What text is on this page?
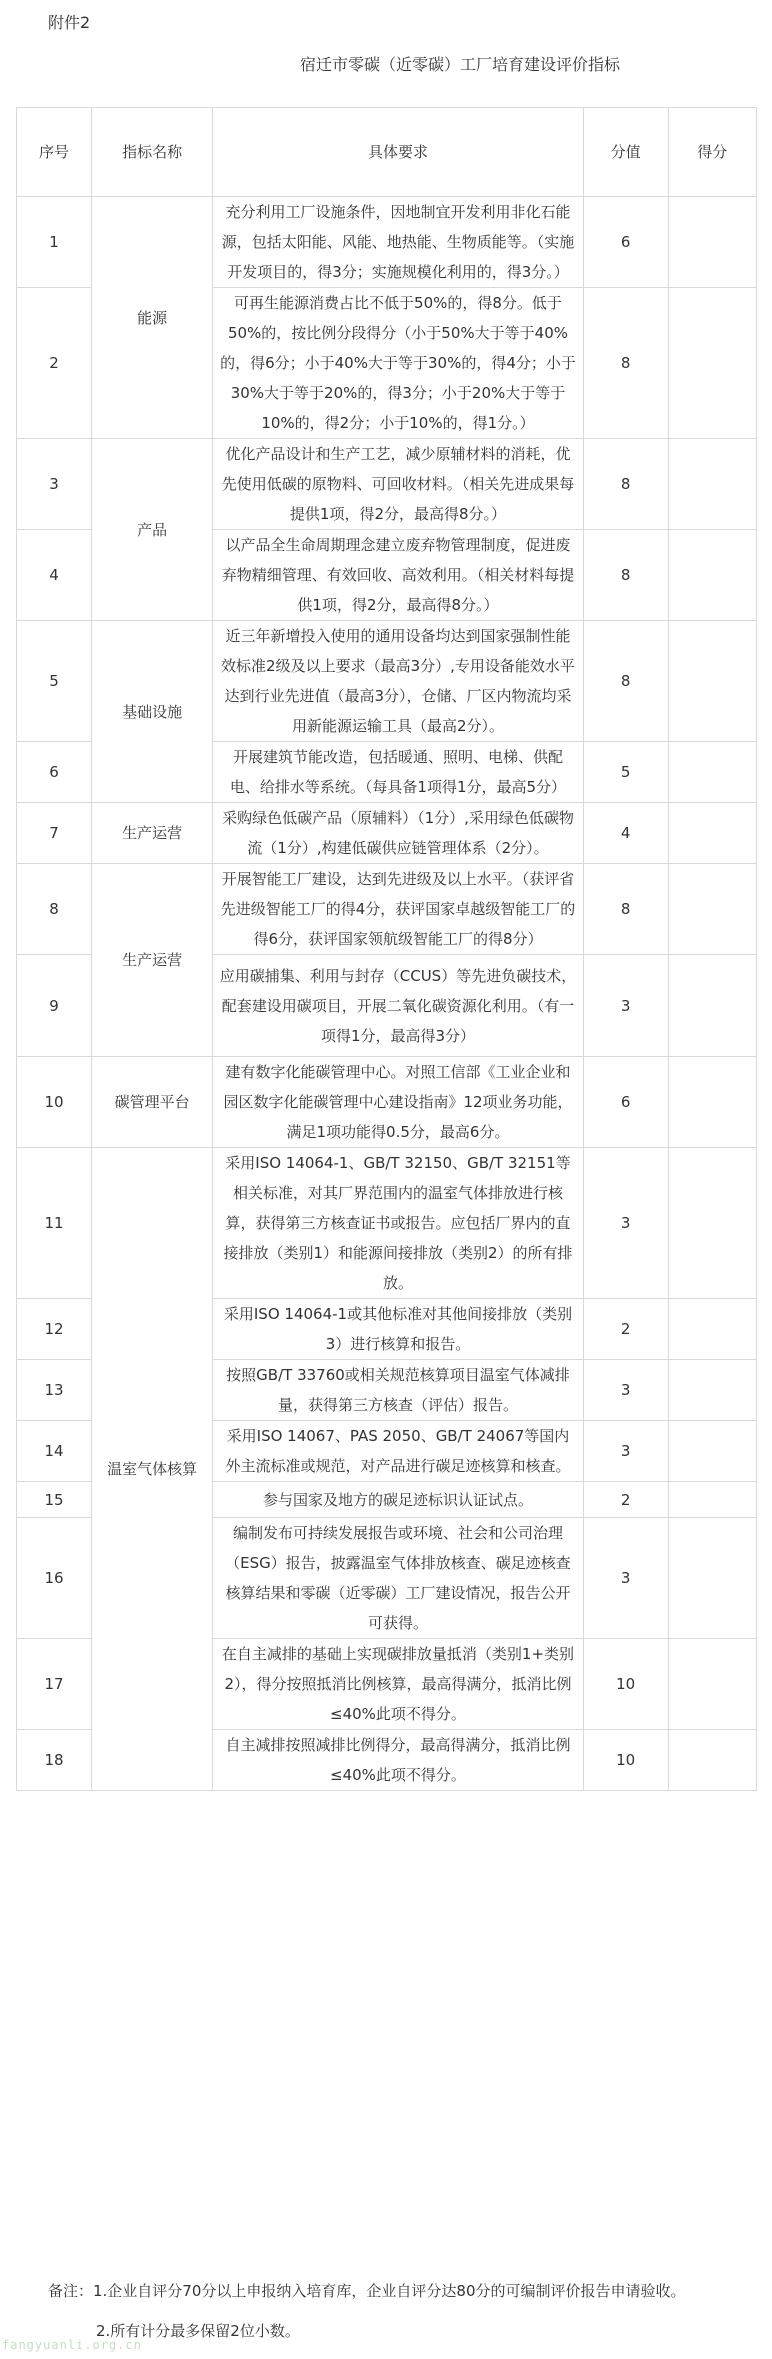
附件2
宿迁市零碳（近零碳）工厂培育建设评价指标
序号	指标名称	具体要求	分值	得分
1	能源	充分利用工厂设施条件，因地制宜开发利用非化石能源，包括太阳能、风能、地热能、生物质能等。（实施开发项目的，得3分；实施规模化利用的，得3分。）	6	
2		可再生能源消费占比不低于50%的，得8分。低于50%的，按比例分段得分（小于50%大于等于40%的，得6分；小于40%大于等于30%的，得4分；小于30%大于等于20%的，得3分；小于20%大于等于10%的，得2分；小于10%的，得1分。）	8	
3	产品	优化产品设计和生产工艺，减少原辅材料的消耗，优先使用低碳的原物料、可回收材料。（相关先进成果每提供1项，得2分，最高得8分。）	8	
4		以产品全生命周期理念建立废弃物管理制度，促进废弃物精细管理、有效回收、高效利用。（相关材料每提供1项，得2分，最高得8分。）	8	
5	基础设施	近三年新增投入使用的通用设备均达到国家强制性能效标准2级及以上要求（最高3分）,专用设备能效水平达到行业先进值（最高3分），仓储、厂区内物流均采用新能源运输工具（最高2分）。	8	
6		开展建筑节能改造，包括暖通、照明、电梯、供配电、给排水等系统。（每具备1项得1分，最高5分）	5	
7	生产运营	采购绿色低碳产品（原辅料）（1分）,采用绿色低碳物流（1分）,构建低碳供应链管理体系（2分）。	4	
8	生产运营	开展智能工厂建设，达到先进级及以上水平。（获评省先进级智能工厂的得4分，获评国家卓越级智能工厂的得6分，获评国家领航级智能工厂的得8分）	8	
9		应用碳捕集、利用与封存（CCUS）等先进负碳技术，配套建设用碳项目，开展二氧化碳资源化利用。（有一项得1分，最高得3分）	3	
10	碳管理平台	建有数字化能碳管理中心。对照工信部《工业企业和园区数字化能碳管理中心建设指南》12项业务功能，满足1项功能得0.5分，最高6分。	6	
11	温室气体核算	采用ISO 14064-1、GB/T 32150、GB/T 32151等相关标准，对其厂界范围内的温室气体排放进行核算，获得第三方核查证书或报告。应包括厂界内的直接排放（类别1）和能源间接排放（类别2）的所有排放。	3	
12		采用ISO 14064-1或其他标准对其他间接排放（类别3）进行核算和报告。	2	
13		按照GB/T 33760或相关规范核算项目温室气体减排量，获得第三方核查（评估）报告。	3	
14		采用ISO 14067、PAS 2050、GB/T 24067等国内外主流标准或规范，对产品进行碳足迹核算和核查。	3	
15		参与国家及地方的碳足迹标识认证试点。	2	
16		编制发布可持续发展报告或环境、社会和公司治理（ESG）报告，披露温室气体排放核查、碳足迹核查核算结果和零碳（近零碳）工厂建设情况，报告公开可获得。	3	
17		在自主减排的基础上实现碳排放量抵消（类别1+类别2），得分按照抵消比例核算，最高得满分，抵消比例≤40%此项不得分。	10	
18		自主减排按照减排比例得分，最高得满分，抵消比例≤40%此项不得分。	10	
备注：1.企业自评分70分以上申报纳入培育库，企业自评分达80分的可编制评价报告申请验收。
2.所有计分最多保留2位小数。
fangyuanli.org.cn
